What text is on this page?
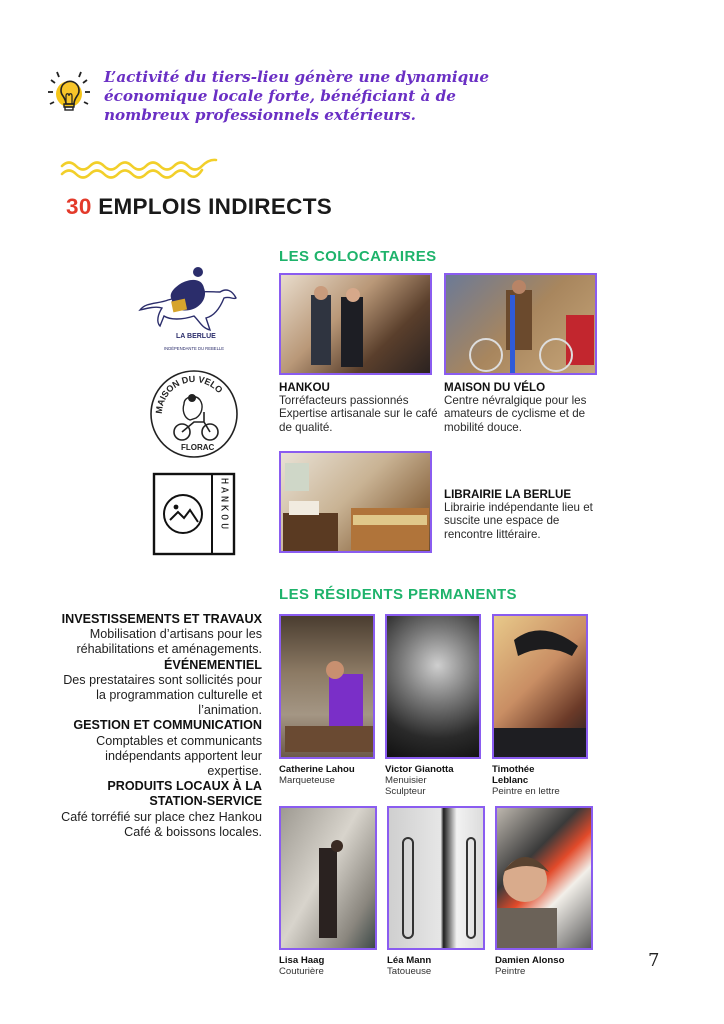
L’activité du tiers-lieu génère une dynamique économique locale forte, bénéficiant à de nombreux professionnels extérieurs.
30 EMPLOIS INDIRECTS
LA BERLUE
INDÉPENDANTE DU REBELLE
MAISON DU VELO
FLORAC
HANKOU
LES COLOCATAIRES
HANKOU
Torréfacteurs passionnés Expertise artisanale sur le café de qualité.
MAISON DU VÉLO
Centre névralgique pour les amateurs de cyclisme et de mobilité douce.
LIBRAIRIE LA BERLUE
Librairie indépendante lieu et suscite une espace de rencontre littéraire.
INVESTISSEMENTS ET TRAVAUX
Mobilisation d’artisans pour les réhabilitations et aménagements.
ÉVÉNEMENTIEL
Des prestataires sont sollicités pour la programmation culturelle et l’animation.
GESTION ET COMMUNICATION
Comptables et communicants indépendants apportent leur expertise.
PRODUITS LOCAUX À LA STATION-SERVICE
Café torréfié sur place chez Hankou Café & boissons locales.
LES RÉSIDENTS PERMANENTS
Catherine Lahou
Marqueteuse
Victor Gianotta
Menuisier Sculpteur
Timothée Leblanc
Peintre en lettre
Lisa Haag
Couturière
Léa Mann
Tatoueuse
Damien Alonso
Peintre
7
